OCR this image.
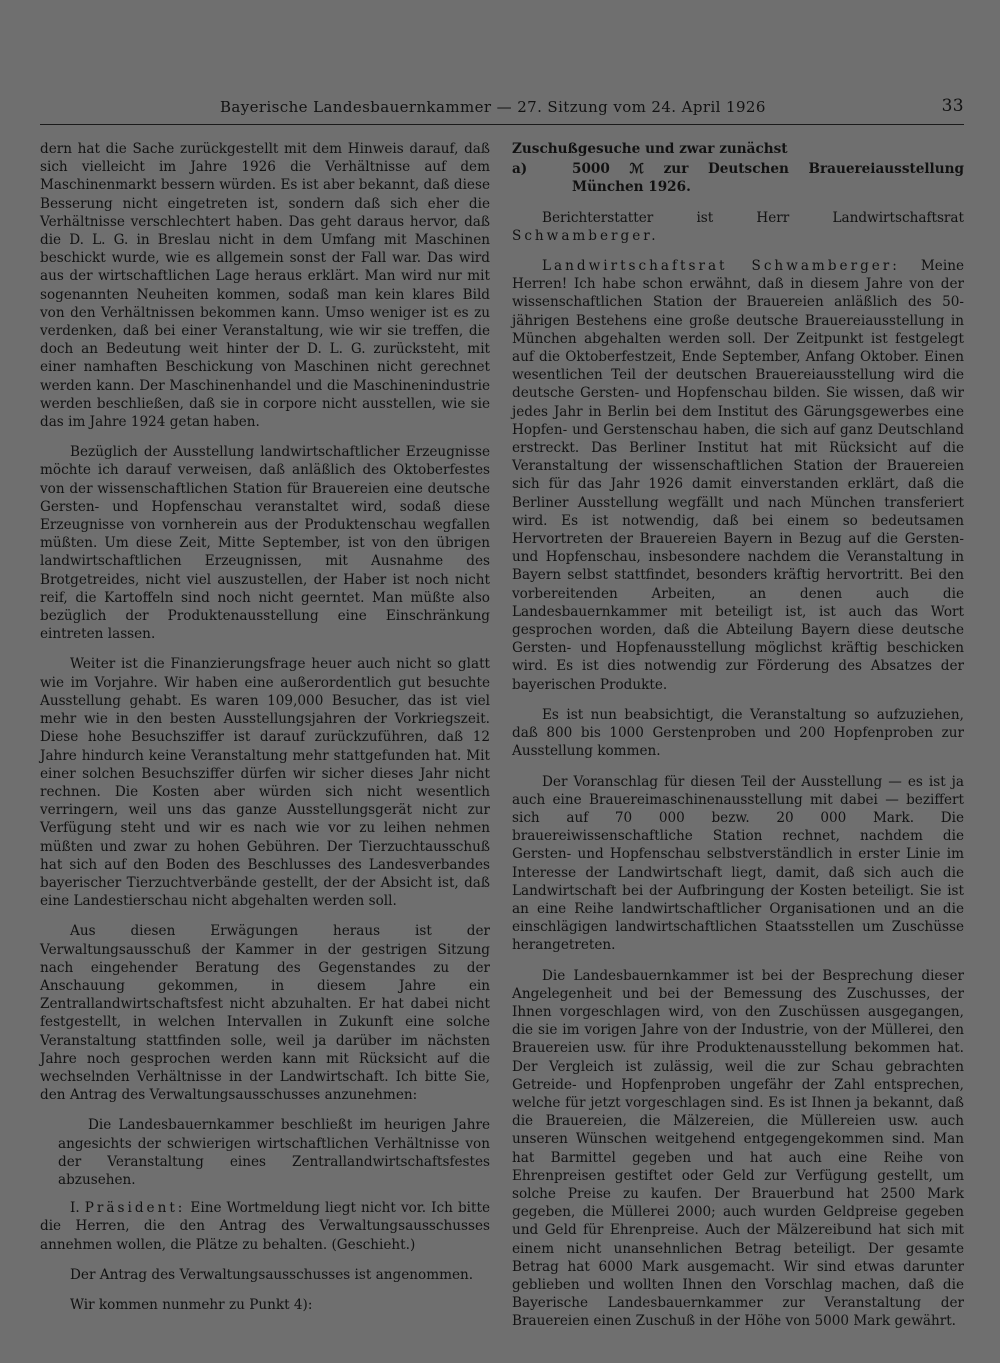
Bayerische Landesbauernkammer — 27. Sitzung vom 24. April 1926	33

dern hat die Sache zurückgestellt mit dem Hinweis darauf, daß sich vielleicht im Jahre 1926 die Verhältnisse auf dem Maschinenmarkt bessern würden. Es ist aber bekannt, daß diese Besserung nicht eingetreten ist, sondern daß sich eher die Verhältnisse verschlechtert haben. Das geht daraus hervor, daß die D. L. G. in Breslau nicht in dem Umfang mit Maschinen beschickt wurde, wie es allgemein sonst der Fall war. Das wird aus der wirtschaftlichen Lage heraus erklärt. Man wird nur mit sogenannten Neuheiten kommen, sodaß man kein klares Bild von den Verhältnissen bekommen kann. Umso weniger ist es zu verdenken, daß bei einer Veranstaltung, wie wir sie treffen, die doch an Bedeutung weit hinter der D. L. G. zurücksteht, mit einer namhaften Beschickung von Maschinen nicht gerechnet werden kann. Der Maschinenhandel und die Maschinenindustrie werden beschließen, daß sie in corpore nicht ausstellen, wie sie das im Jahre 1924 getan haben.

Bezüglich der Ausstellung landwirtschaftlicher Erzeugnisse möchte ich darauf verweisen, daß anläßlich des Oktoberfestes von der wissenschaftlichen Station für Brauereien eine deutsche Gersten- und Hopfenschau veranstaltet wird, sodaß diese Erzeugnisse von vornherein aus der Produktenschau wegfallen müßten. Um diese Zeit, Mitte September, ist von den übrigen landwirtschaftlichen Erzeugnissen, mit Ausnahme des Brotgetreides, nicht viel auszustellen, der Haber ist noch nicht reif, die Kartoffeln sind noch nicht geerntet. Man müßte also bezüglich der Produktenausstellung eine Einschränkung eintreten lassen.

Weiter ist die Finanzierungsfrage heuer auch nicht so glatt wie im Vorjahre. Wir haben eine außerordentlich gut besuchte Ausstellung gehabt. Es waren 109,000 Besucher, das ist viel mehr wie in den besten Ausstellungsjahren der Vorkriegszeit. Diese hohe Besuchsziffer ist darauf zurückzuführen, daß 12 Jahre hindurch keine Veranstaltung mehr stattgefunden hat. Mit einer solchen Besuchsziffer dürfen wir sicher dieses Jahr nicht rechnen. Die Kosten aber würden sich nicht wesentlich verringern, weil uns das ganze Ausstellungsgerät nicht zur Verfügung steht und wir es nach wie vor zu leihen nehmen müßten und zwar zu hohen Gebühren. Der Tierzuchtausschuß hat sich auf den Boden des Beschlusses des Landesverbandes bayerischer Tierzuchtverbände gestellt, der der Absicht ist, daß eine Landestierschau nicht abgehalten werden soll.

Aus diesen Erwägungen heraus ist der Verwaltungsausschuß der Kammer in der gestrigen Sitzung nach eingehender Beratung des Gegenstandes zu der Anschauung gekommen, in diesem Jahre ein Zentrallandwirtschaftsfest nicht abzuhalten. Er hat dabei nicht festgestellt, in welchen Intervallen in Zukunft eine solche Veranstaltung stattfinden solle, weil ja darüber im nächsten Jahre noch gesprochen werden kann mit Rücksicht auf die wechselnden Verhältnisse in der Landwirtschaft. Ich bitte Sie, den Antrag des Verwaltungsausschusses anzunehmen:

Die Landesbauernkammer beschließt im heurigen Jahre angesichts der schwierigen wirtschaftlichen Verhältnisse von der Veranstaltung eines Zentrallandwirtschaftsfestes abzusehen.

I. Präsident: Eine Wortmeldung liegt nicht vor. Ich bitte die Herren, die den Antrag des Verwaltungsausschusses annehmen wollen, die Plätze zu behalten. (Geschieht.)

Der Antrag des Verwaltungsausschusses ist angenommen.

Wir kommen nunmehr zu Punkt 4):

Zuschußgesuche und zwar zunächst
a)	5000 ℳ zur Deutschen Brauereiausstellung München 1926.

Berichterstatter ist Herr Landwirtschaftsrat Schwamberger.

Landwirtschaftsrat Schwamberger: Meine Herren! Ich habe schon erwähnt, daß in diesem Jahre von der wissenschaftlichen Station der Brauereien anläßlich des 50-jährigen Bestehens eine große deutsche Brauereiausstellung in München abgehalten werden soll. Der Zeitpunkt ist festgelegt auf die Oktoberfestzeit, Ende September, Anfang Oktober. Einen wesentlichen Teil der deutschen Brauereiausstellung wird die deutsche Gersten- und Hopfenschau bilden. Sie wissen, daß wir jedes Jahr in Berlin bei dem Institut des Gärungsgewerbes eine Hopfen- und Gerstenschau haben, die sich auf ganz Deutschland erstreckt. Das Berliner Institut hat mit Rücksicht auf die Veranstaltung der wissenschaftlichen Station der Brauereien sich für das Jahr 1926 damit einverstanden erklärt, daß die Berliner Ausstellung wegfällt und nach München transferiert wird. Es ist notwendig, daß bei einem so bedeutsamen Hervortreten der Brauereien Bayern in Bezug auf die Gersten- und Hopfenschau, insbesondere nachdem die Veranstaltung in Bayern selbst stattfindet, besonders kräftig hervortritt. Bei den vorbereitenden Arbeiten, an denen auch die Landesbauernkammer mit beteiligt ist, ist auch das Wort gesprochen worden, daß die Abteilung Bayern diese deutsche Gersten- und Hopfenausstellung möglichst kräftig beschicken wird. Es ist dies notwendig zur Förderung des Absatzes der bayerischen Produkte.

Es ist nun beabsichtigt, die Veranstaltung so aufzuziehen, daß 800 bis 1000 Gerstenproben und 200 Hopfenproben zur Ausstellung kommen.

Der Voranschlag für diesen Teil der Ausstellung — es ist ja auch eine Brauereimaschinenausstellung mit dabei — beziffert sich auf 70 000 bezw. 20 000 Mark. Die brauereiwissenschaftliche Station rechnet, nachdem die Gersten- und Hopfenschau selbstverständlich in erster Linie im Interesse der Landwirtschaft liegt, damit, daß sich auch die Landwirtschaft bei der Aufbringung der Kosten beteiligt. Sie ist an eine Reihe landwirtschaftlicher Organisationen und an die einschlägigen landwirtschaftlichen Staatsstellen um Zuschüsse herangetreten.

Die Landesbauernkammer ist bei der Besprechung dieser Angelegenheit und bei der Bemessung des Zuschusses, der Ihnen vorgeschlagen wird, von den Zuschüssen ausgegangen, die sie im vorigen Jahre von der Industrie, von der Müllerei, den Brauereien usw. für ihre Produktenausstellung bekommen hat. Der Vergleich ist zulässig, weil die zur Schau gebrachten Getreide- und Hopfenproben ungefähr der Zahl entsprechen, welche für jetzt vorgeschlagen sind. Es ist Ihnen ja bekannt, daß die Brauereien, die Mälzereien, die Müllereien usw. auch unseren Wünschen weitgehend entgegengekommen sind. Man hat Barmittel gegeben und hat auch eine Reihe von Ehrenpreisen gestiftet oder Geld zur Verfügung gestellt, um solche Preise zu kaufen. Der Brauerbund hat 2500 Mark gegeben, die Müllerei 2000; auch wurden Geldpreise gegeben und Geld für Ehrenpreise. Auch der Mälzereibund hat sich mit einem nicht unansehnlichen Betrag beteiligt. Der gesamte Betrag hat 6000 Mark ausgemacht. Wir sind etwas darunter geblieben und wollten Ihnen den Vorschlag machen, daß die Bayerische Landesbauernkammer zur Veranstaltung der Brauereien einen Zuschuß in der Höhe von 5000 Mark gewährt.
